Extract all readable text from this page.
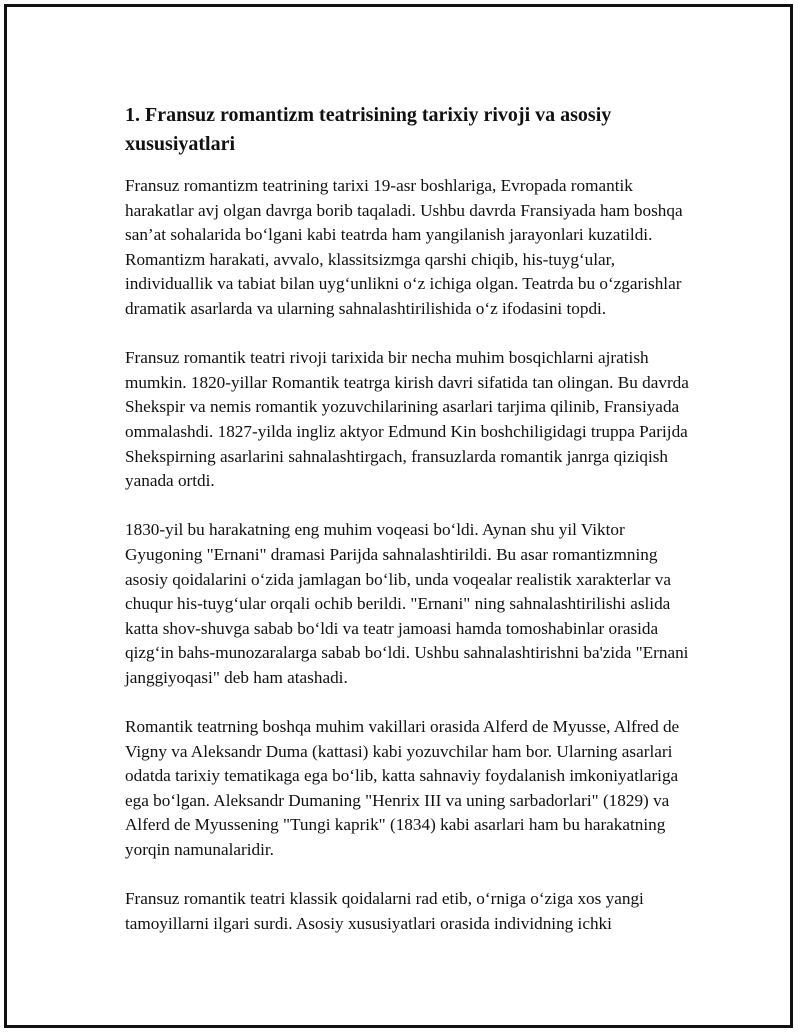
1. Fransuz romantizm teatrisining tarixiy rivoji va asosiy xususiyatlari

Fransuz romantizm teatrining tarixi 19-asr boshlariga, Evropada romantik harakatlar avj olgan davrga borib taqaladi. Ushbu davrda Fransiyada ham boshqa san’at sohalarida boʻlgani kabi teatrda ham yangilanish jarayonlari kuzatildi. Romantizm harakati, avvalo, klassitsizmga qarshi chiqib, his-tuygʻular, individuallik va tabiat bilan uygʻunlikni oʻz ichiga olgan. Teatrda bu oʻzgarishlar dramatik asarlarda va ularning sahnalashtirilishida oʻz ifodasini topdi.

Fransuz romantik teatri rivoji tarixida bir necha muhim bosqichlarni ajratish mumkin. 1820-yillar Romantik teatrga kirish davri sifatida tan olingan. Bu davrda Shekspir va nemis romantik yozuvchilarining asarlari tarjima qilinib, Fransiyada ommalashdi. 1827-yilda ingliz aktyor Edmund Kin boshchiligidagi truppa Parijda Shekspirning asarlarini sahnalashtirgach, fransuzlarda romantik janrga qiziqish yanada ortdi.

1830-yil bu harakatning eng muhim voqeasi boʻldi. Aynan shu yil Viktor Gyugoning "Ernani" dramasi Parijda sahnalashtirildi. Bu asar romantizmning asosiy qoidalarini oʻzida jamlagan boʻlib, unda voqealar realistik xarakterlar va chuqur his-tuygʻular orqali ochib berildi. "Ernani" ning sahnalashtirilishi aslida katta shov-shuvga sabab boʻldi va teatr jamoasi hamda tomoshabinlar orasida qizgʻin bahs-munozaralarga sabab boʻldi. Ushbu sahnalashtirishni ba'zida "Ernani janggiyoqasi" deb ham atashadi.

Romantik teatrning boshqa muhim vakillari orasida Alferd de Myusse, Alfred de Vigny va Aleksandr Duma (kattasi) kabi yozuvchilar ham bor. Ularning asarlari odatda tarixiy tematikaga ega boʻlib, katta sahnaviy foydalanish imkoniyatlariga ega boʻlgan. Aleksandr Dumaning "Henrix III va uning sarbadorlari" (1829) va Alferd de Myussening "Tungi kaprik" (1834) kabi asarlari ham bu harakatning yorqin namunalaridir.

Fransuz romantik teatri klassik qoidalarni rad etib, oʻrniga oʻziga xos yangi tamoyillarni ilgari surdi. Asosiy xususiyatlari orasida individning ichki
